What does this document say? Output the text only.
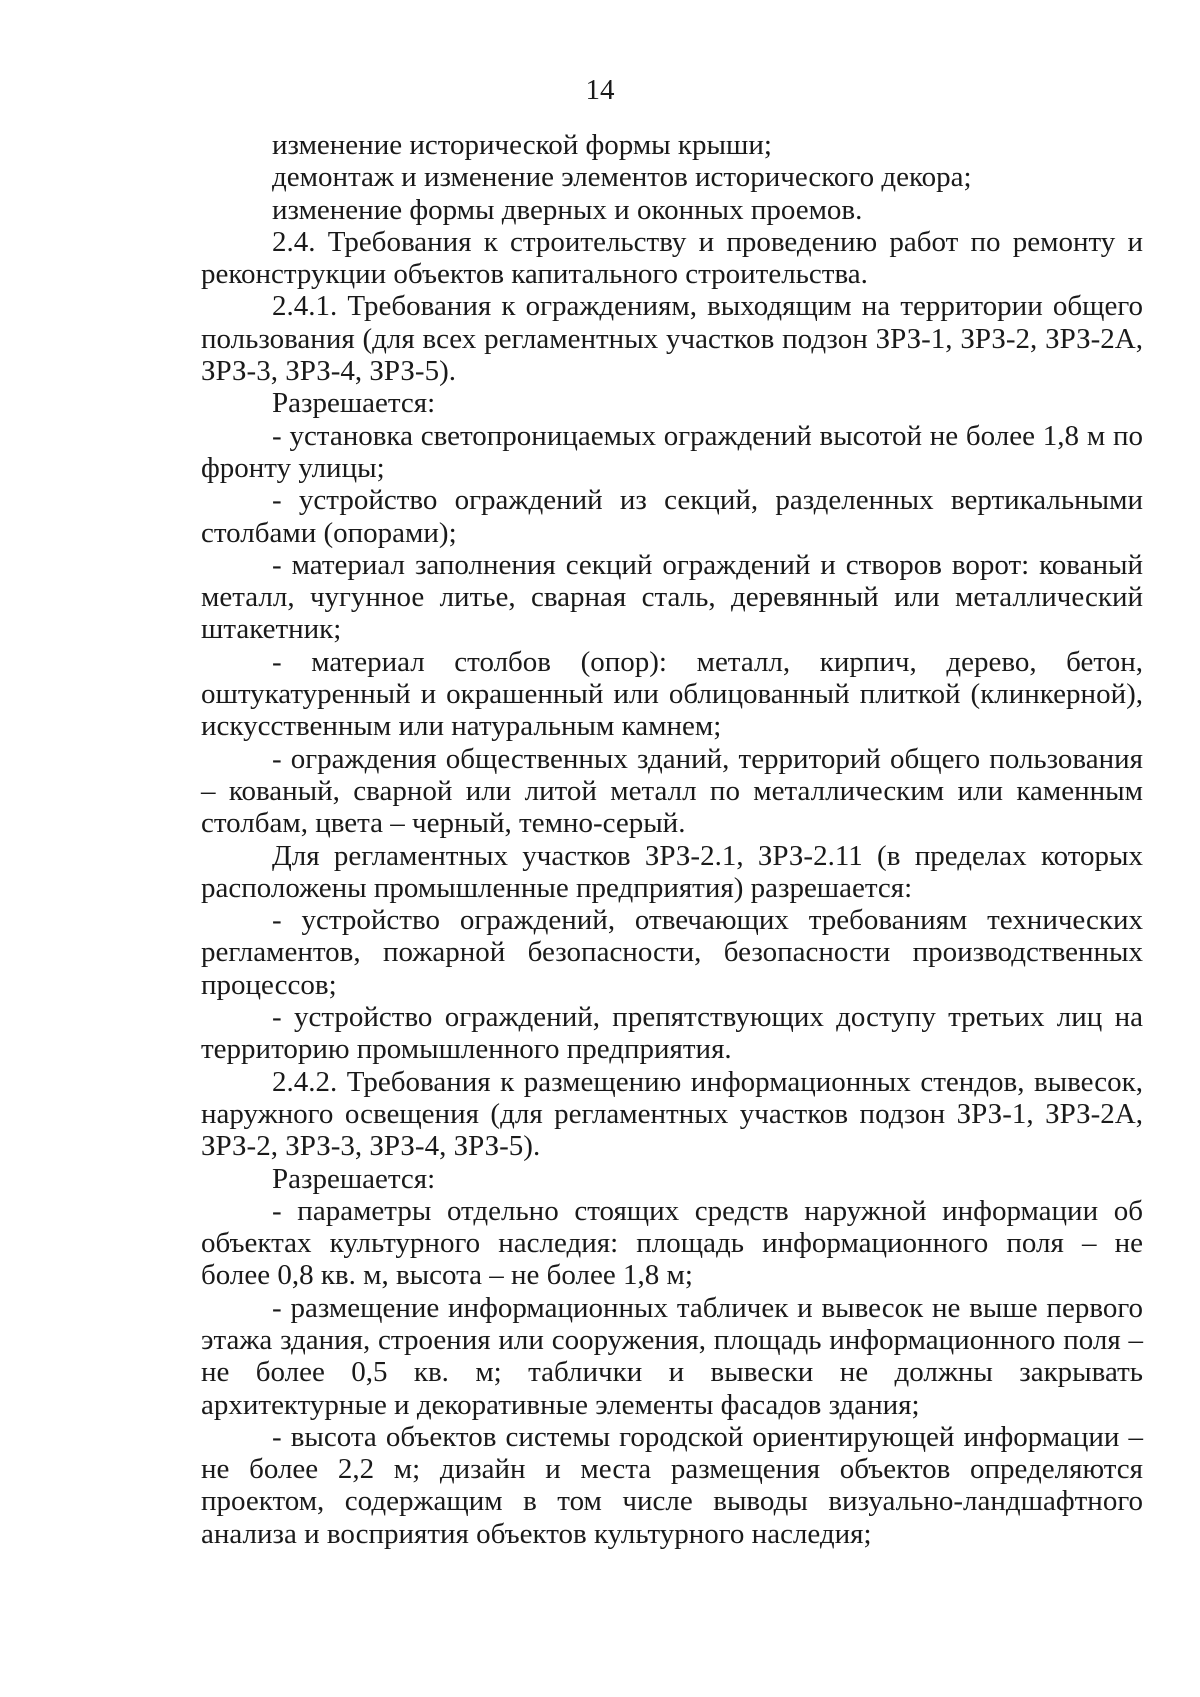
14

изменение исторической формы крыши;

демонтаж и изменение элементов исторического декора;

изменение формы дверных и оконных проемов.

2.4. Требования к строительству и проведению работ по ремонту и реконструкции объектов капитального строительства.

2.4.1. Требования к ограждениям, выходящим на территории общего пользования (для всех регламентных участков подзон ЗРЗ-1, ЗРЗ-2, ЗРЗ-2А, ЗРЗ-3, ЗРЗ-4, ЗРЗ-5).

Разрешается:

- установка светопроницаемых ограждений высотой не более 1,8 м по фронту улицы;

- устройство ограждений из секций, разделенных вертикальными столбами (опорами);

- материал заполнения секций ограждений и створов ворот: кованый металл, чугунное литье, сварная сталь, деревянный или металлический штакетник;

- материал столбов (опор): металл, кирпич, дерево, бетон, оштукатуренный и окрашенный или облицованный плиткой (клинкерной), искусственным или натуральным камнем;

- ограждения общественных зданий, территорий общего пользования – кованый, сварной или литой металл по металлическим или каменным столбам, цвета – черный, темно-серый.

Для регламентных участков ЗРЗ-2.1, ЗРЗ-2.11 (в пределах которых расположены промышленные предприятия) разрешается:

- устройство ограждений, отвечающих требованиям технических регламентов, пожарной безопасности, безопасности производственных процессов;

- устройство ограждений, препятствующих доступу третьих лиц на территорию промышленного предприятия.

2.4.2. Требования к размещению информационных стендов, вывесок, наружного освещения (для регламентных участков подзон ЗРЗ-1, ЗРЗ-2А, ЗРЗ-2, ЗРЗ-3, ЗРЗ-4, ЗРЗ-5).

Разрешается:

- параметры отдельно стоящих средств наружной информации об объектах культурного наследия: площадь информационного поля – не более 0,8 кв. м, высота – не более 1,8 м;

- размещение информационных табличек и вывесок не выше первого этажа здания, строения или сооружения, площадь информационного поля – не более 0,5 кв. м; таблички и вывески не должны закрывать архитектурные и декоративные элементы фасадов здания;

- высота объектов системы городской ориентирующей информации – не более 2,2 м; дизайн и места размещения объектов определяются проектом, содержащим в том числе выводы визуально-ландшафтного анализа и восприятия объектов культурного наследия;
